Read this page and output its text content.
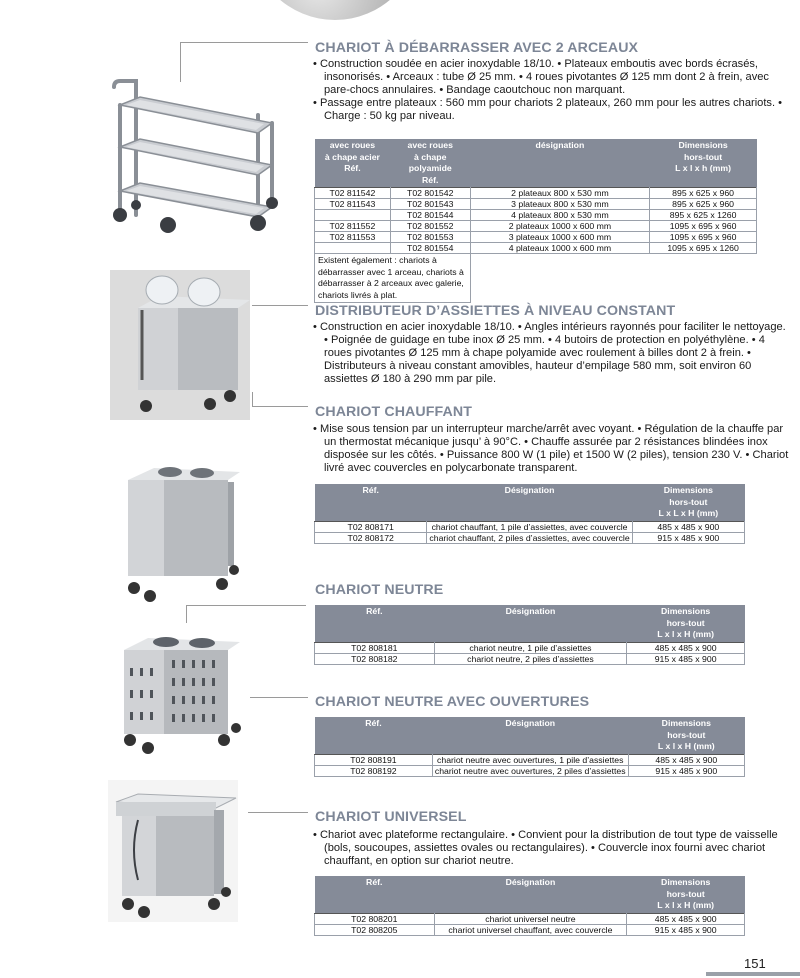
CHARIOT À DÉBARRASSER AVEC 2 ARCEAUX
• Construction soudée en acier inoxydable 18/10. • Plateaux emboutis avec bords écrasés, insonorisés. • Arceaux : tube Ø 25 mm. • 4 roues pivotantes Ø 125 mm dont 2 à frein, avec pare-chocs annulaires. • Bandage caoutchouc non marquant.
• Passage entre plateaux : 560 mm pour chariots 2 plateaux, 260 mm pour les autres chariots. • Charge : 50 kg par niveau.
avec roues
à chape acier
Réf.	avec roues
à chape polyamide
Réf.	désignation	Dimensions
hors-tout
L x l x h (mm)
T02 811542	T02 801542	2 plateaux 800 x 530 mm	895 x 625 x 960
T02 811543	T02 801543	3 plateaux 800 x 530 mm	895 x 625 x 960
	T02 801544	4 plateaux 800 x 530 mm	895 x 625 x 1260
T02 811552	T02 801552	2 plateaux 1000 x 600 mm	1095 x 695 x 960
T02 811553	T02 801553	3 plateaux 1000 x 600 mm	1095 x 695 x 960
	T02 801554	4 plateaux 1000 x 600 mm	1095 x 695 x 1260
Existent également : chariots à débarrasser avec 1 arceau, chariots à débarrasser à 2 arceaux avec galerie, chariots livrés à plat.			
DISTRIBUTEUR D’ASSIETTES À NIVEAU CONSTANT
• Construction en acier inoxydable 18/10. • Angles intérieurs rayonnés pour faciliter le nettoyage. • Poignée de guidage en tube inox Ø 25 mm. • 4 butoirs de protection en polyéthylène. • 4 roues pivotantes Ø 125 mm à chape polyamide avec roulement à billes dont 2 à frein. • Distributeurs à niveau constant amovibles, hauteur d’empilage 580 mm, soit environ 60 assiettes Ø 180 à 290 mm par pile.
CHARIOT CHAUFFANT
• Mise sous tension par un interrupteur marche/arrêt avec voyant. • Régulation de la chauffe par un thermostat mécanique jusqu’ à 90°C. • Chauffe assurée par 2 résistances blindées inox disposée sur les côtés. • Puissance 800 W (1 pile) et 1500 W (2 piles), tension 230 V. • Chariot livré avec couvercles en polycarbonate transparent.
Réf.	Désignation	Dimensions
hors-tout
L x L x H (mm)
T02 808171	chariot chauffant, 1 pile d’assiettes, avec couvercle	485 x 485 x 900
T02 808172	chariot chauffant, 2 piles d’assiettes, avec couvercle	915 x 485 x 900
CHARIOT NEUTRE
Réf.	Désignation	Dimensions
hors-tout
L x l x H (mm)
T02 808181	chariot neutre, 1 pile d’assiettes	485 x 485 x 900
T02 808182	chariot neutre, 2 piles d’assiettes	915 x 485 x 900
CHARIOT NEUTRE AVEC OUVERTURES
Réf.	Désignation	Dimensions
hors-tout
L x l x H (mm)
T02 808191	chariot neutre avec ouvertures, 1 pile d’assiettes	485 x 485 x 900
T02 808192	chariot neutre avec ouvertures, 2 piles d’assiettes	915 x 485 x 900
CHARIOT UNIVERSEL
• Chariot avec plateforme rectangulaire. • Convient pour la distribution de tout type de vaisselle (bols, soucoupes, assiettes ovales ou rectangulaires). • Couvercle inox fourni avec chariot chauffant, en option sur chariot neutre.
Réf.	Désignation	Dimensions
hors-tout
L x l x H (mm)
T02 808201	chariot universel neutre	485 x 485 x 900
T02 808205	chariot universel chauffant, avec couvercle	915 x 485 x 900
151
